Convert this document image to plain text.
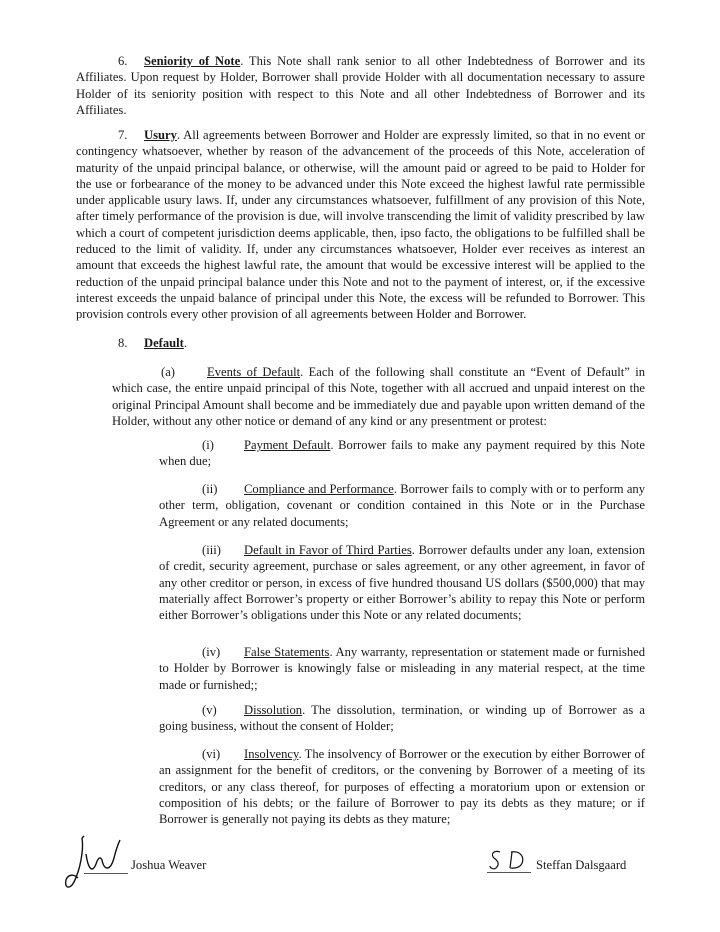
6. Seniority of Note. This Note shall rank senior to all other Indebtedness of Borrower and its Affiliates. Upon request by Holder, Borrower shall provide Holder with all documentation necessary to assure Holder of its seniority position with respect to this Note and all other Indebtedness of Borrower and its Affiliates.

7. Usury. All agreements between Borrower and Holder are expressly limited, so that in no event or contingency whatsoever, whether by reason of the advancement of the proceeds of this Note, acceleration of maturity of the unpaid principal balance, or otherwise, will the amount paid or agreed to be paid to Holder for the use or forbearance of the money to be advanced under this Note exceed the highest lawful rate permissible under applicable usury laws. If, under any circumstances whatsoever, fulfillment of any provision of this Note, after timely performance of the provision is due, will involve transcending the limit of validity prescribed by law which a court of competent jurisdiction deems applicable, then, ipso facto, the obligations to be fulfilled shall be reduced to the limit of validity. If, under any circumstances whatsoever, Holder ever receives as interest an amount that exceeds the highest lawful rate, the amount that would be excessive interest will be applied to the reduction of the unpaid principal balance under this Note and not to the payment of interest, or, if the excessive interest exceeds the unpaid balance of principal under this Note, the excess will be refunded to Borrower. This provision controls every other provision of all agreements between Holder and Borrower.

8. Default.

(a)	Events of Default. Each of the following shall constitute an “Event of Default” in which case, the entire unpaid principal of this Note, together with all accrued and unpaid interest on the original Principal Amount shall become and be immediately due and payable upon written demand of the Holder, without any other notice or demand of any kind or any presentment or protest:

(i) Payment Default. Borrower fails to make any payment required by this Note when due;

(ii) Compliance and Performance. Borrower fails to comply with or to perform any other term, obligation, covenant or condition contained in this Note or in the Purchase Agreement or any related documents;

(iii) Default in Favor of Third Parties. Borrower defaults under any loan, extension of credit, security agreement, purchase or sales agreement, or any other agreement, in favor of any other creditor or person, in excess of five hundred thousand US dollars ($500,000) that may materially affect Borrower’s property or either Borrower’s ability to repay this Note or perform either Borrower’s obligations under this Note or any related documents;

(iv) False Statements. Any warranty, representation or statement made or furnished to Holder by Borrower is knowingly false or misleading in any material respect, at the time made or furnished;;

(v) Dissolution. The dissolution, termination, or winding up of Borrower as a going business, without the consent of Holder;

(vi) Insolvency. The insolvency of Borrower or the execution by either Borrower of an assignment for the benefit of creditors, or the convening by Borrower of a meeting of its creditors, or any class thereof, for purposes of effecting a moratorium upon or extension or composition of his debts; or the failure of Borrower to pay its debts as they mature; or if Borrower is generally not paying its debts as they mature;

Joshua Weaver	Steffan Dalsgaard
